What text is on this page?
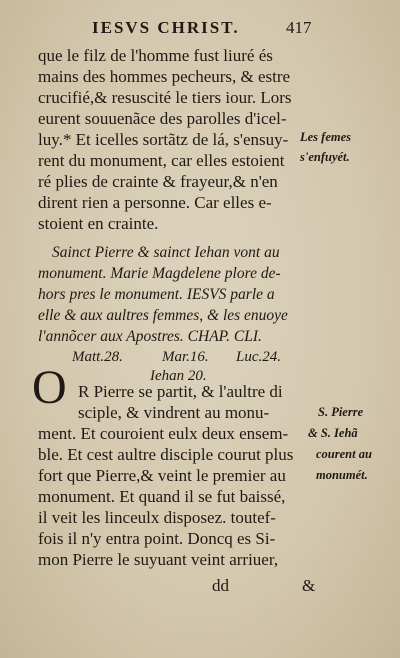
IESVS CHRIST.	417
que le filz de l'homme fust liuré és
mains des hommes pecheurs, & estre
crucifié,& resuscité le tiers iour. Lors
eurent souuenãce des parolles d'icel-
luy.* Et icelles sortãtz de lá, s'ensuy-
rent du monument, car elles estoient
ré plies de crainte & frayeur,& n'en
dirent rien a personne. Car elles e-
stoient en crainte.
Les femes
s'enfuyét.
Sainct Pierre & sainct Iehan vont au
monument. Marie Magdelene plore de-
hors pres le monument. IESVS parle a
elle & aux aultres femmes, & les enuoye
l'annõcer aux Apostres. CHAP. CLI.
Matt.28.	Mar.16. Luc.24.
Iehan 20.
O R Pierre se partit, & l'aultre di
sciple, & vindrent au monu-
ment. Et couroient eulx deux ensem-
ble. Et cest aultre disciple courut plus
fort que Pierre,& veint le premier au
monument. Et quand il se fut baissé,
il veit les linceulx disposez. toutef-
fois il n'y entra point. Doncq es Si-
mon Pierre le suyuant veint arriuer,
S. Pierre
& S. Iehã
courent au
monumét.
dd	&
